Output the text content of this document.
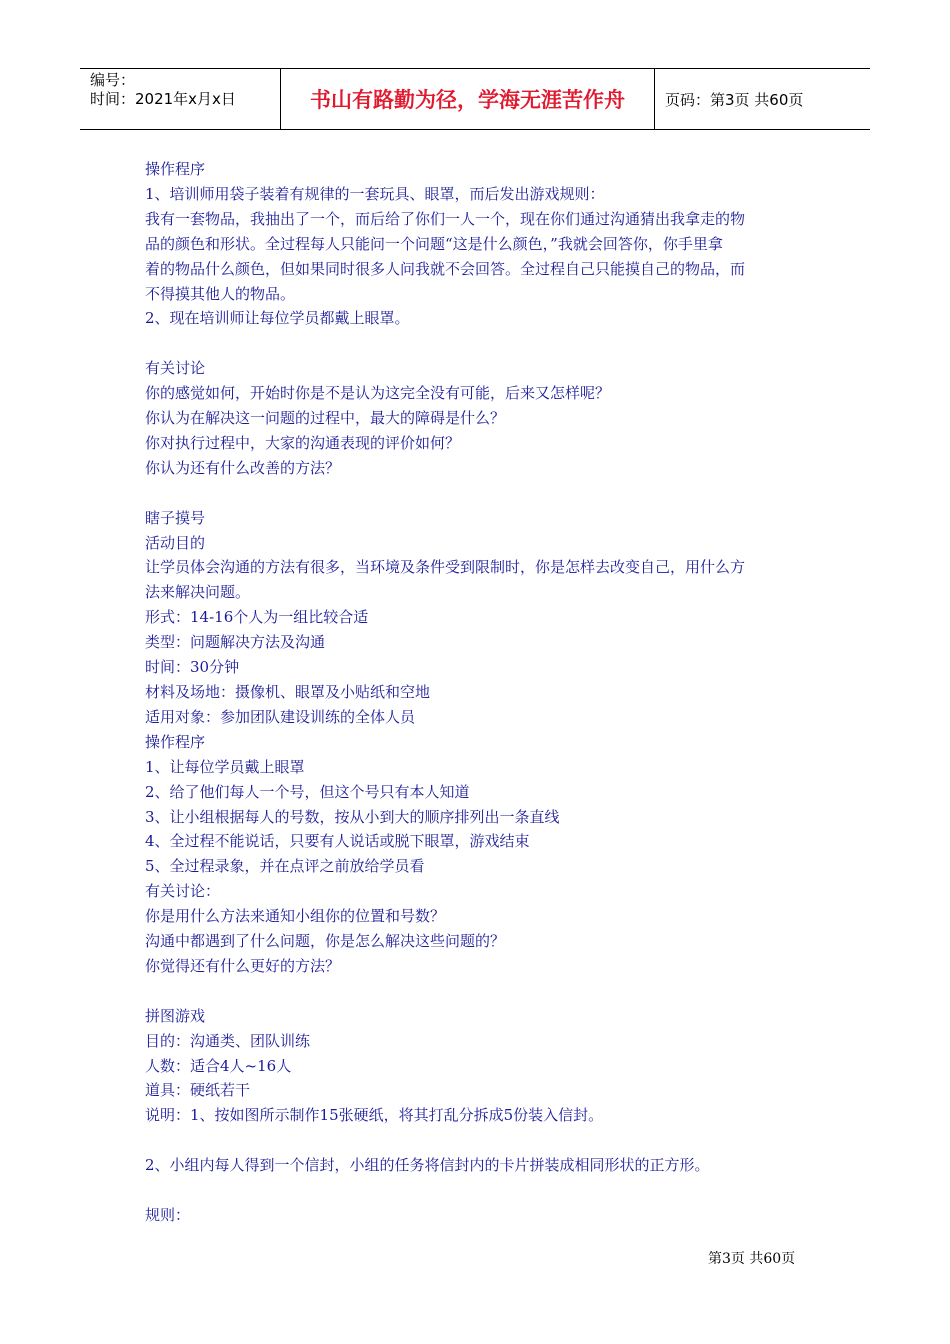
编号：
时间：2021年x月x日	书山有路勤为径，学海无涯苦作舟	页码：第3页 共60页

操作程序

1、培训师用袋子装着有规律的一套玩具、眼罩，而后发出游戏规则：

我有一套物品，我抽出了一个，而后给了你们一人一个，现在你们通过沟通猜出我拿走的物

品的颜色和形状。全过程每人只能问一个问题“这是什么颜色，”我就会回答你，你手里拿

着的物品什么颜色，但如果同时很多人问我就不会回答。全过程自己只能摸自己的物品，而

不得摸其他人的物品。

2、现在培训师让每位学员都戴上眼罩。

有关讨论

你的感觉如何，开始时你是不是认为这完全没有可能，后来又怎样呢？

你认为在解决这一问题的过程中，最大的障碍是什么？

你对执行过程中，大家的沟通表现的评价如何？

你认为还有什么改善的方法？

瞎子摸号

活动目的

让学员体会沟通的方法有很多，当环境及条件受到限制时，你是怎样去改变自己，用什么方

法来解决问题。

形式：14-16个人为一组比较合适

类型：问题解决方法及沟通

时间：30分钟

材料及场地：摄像机、眼罩及小贴纸和空地

适用对象：参加团队建设训练的全体人员

操作程序

1、让每位学员戴上眼罩

2、给了他们每人一个号，但这个号只有本人知道

3、让小组根据每人的号数，按从小到大的顺序排列出一条直线

4、全过程不能说话，只要有人说话或脱下眼罩，游戏结束

5、全过程录象，并在点评之前放给学员看

有关讨论：

你是用什么方法来通知小组你的位置和号数？

沟通中都遇到了什么问题，你是怎么解决这些问题的？

你觉得还有什么更好的方法？

拼图游戏

目的：沟通类、团队训练

人数：适合4人~16人

道具：硬纸若干

说明：1、按如图所示制作15张硬纸，将其打乱分拆成5份装入信封。

2、小组内每人得到一个信封，小组的任务将信封内的卡片拼装成相同形状的正方形。

规则：

第3页 共60页
